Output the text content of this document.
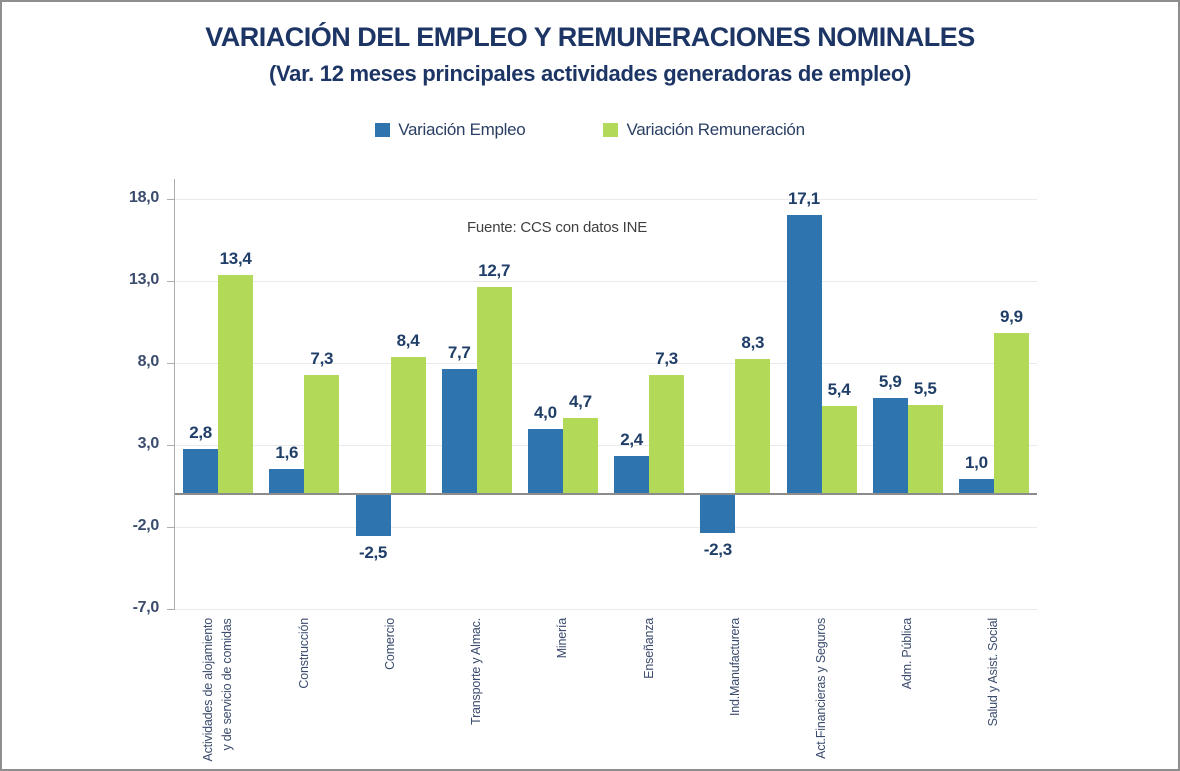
VARIACIÓN DEL EMPLEO Y REMUNERACIONES NOMINALES
(Var. 12 meses principales actividades generadoras de empleo)
Variación Empleo	Variación Remuneración
Fuente: CCS con datos INE
18,0
13,0
8,0
3,0
-2,0
-7,0
2,8
13,4
Actividades de alojamiento y de servicio de comidas
1,6
7,3
Construcción
-2,5
8,4
Comercio
7,7
12,7
Transporte y Almac.
4,0
4,7
Minería
2,4
7,3
Enseñanza
-2,3
8,3
Ind.Manufacturera
17,1
5,4
Act.Financieras y Seguros
5,9 5,5
Adm. Pública
1,0
9,9
Salud y Asist. Social
